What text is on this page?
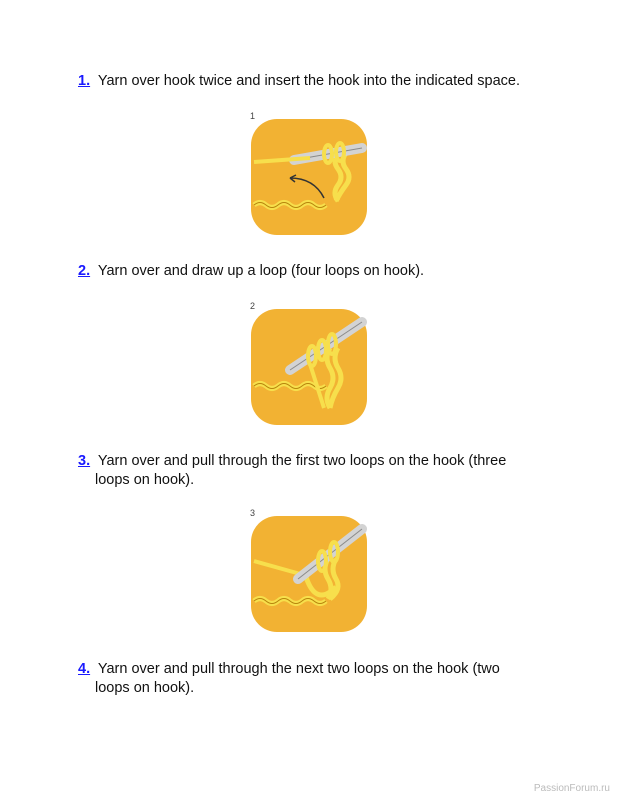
1. Yarn over hook twice and insert the hook into the indicated space.
1
2. Yarn over and draw up a loop (four loops on hook).
2
3. Yarn over and pull through the first two loops on the hook (three
loops on hook).
3
4. Yarn over and pull through the next two loops on the hook (two
loops on hook).
PassionForum.ru
